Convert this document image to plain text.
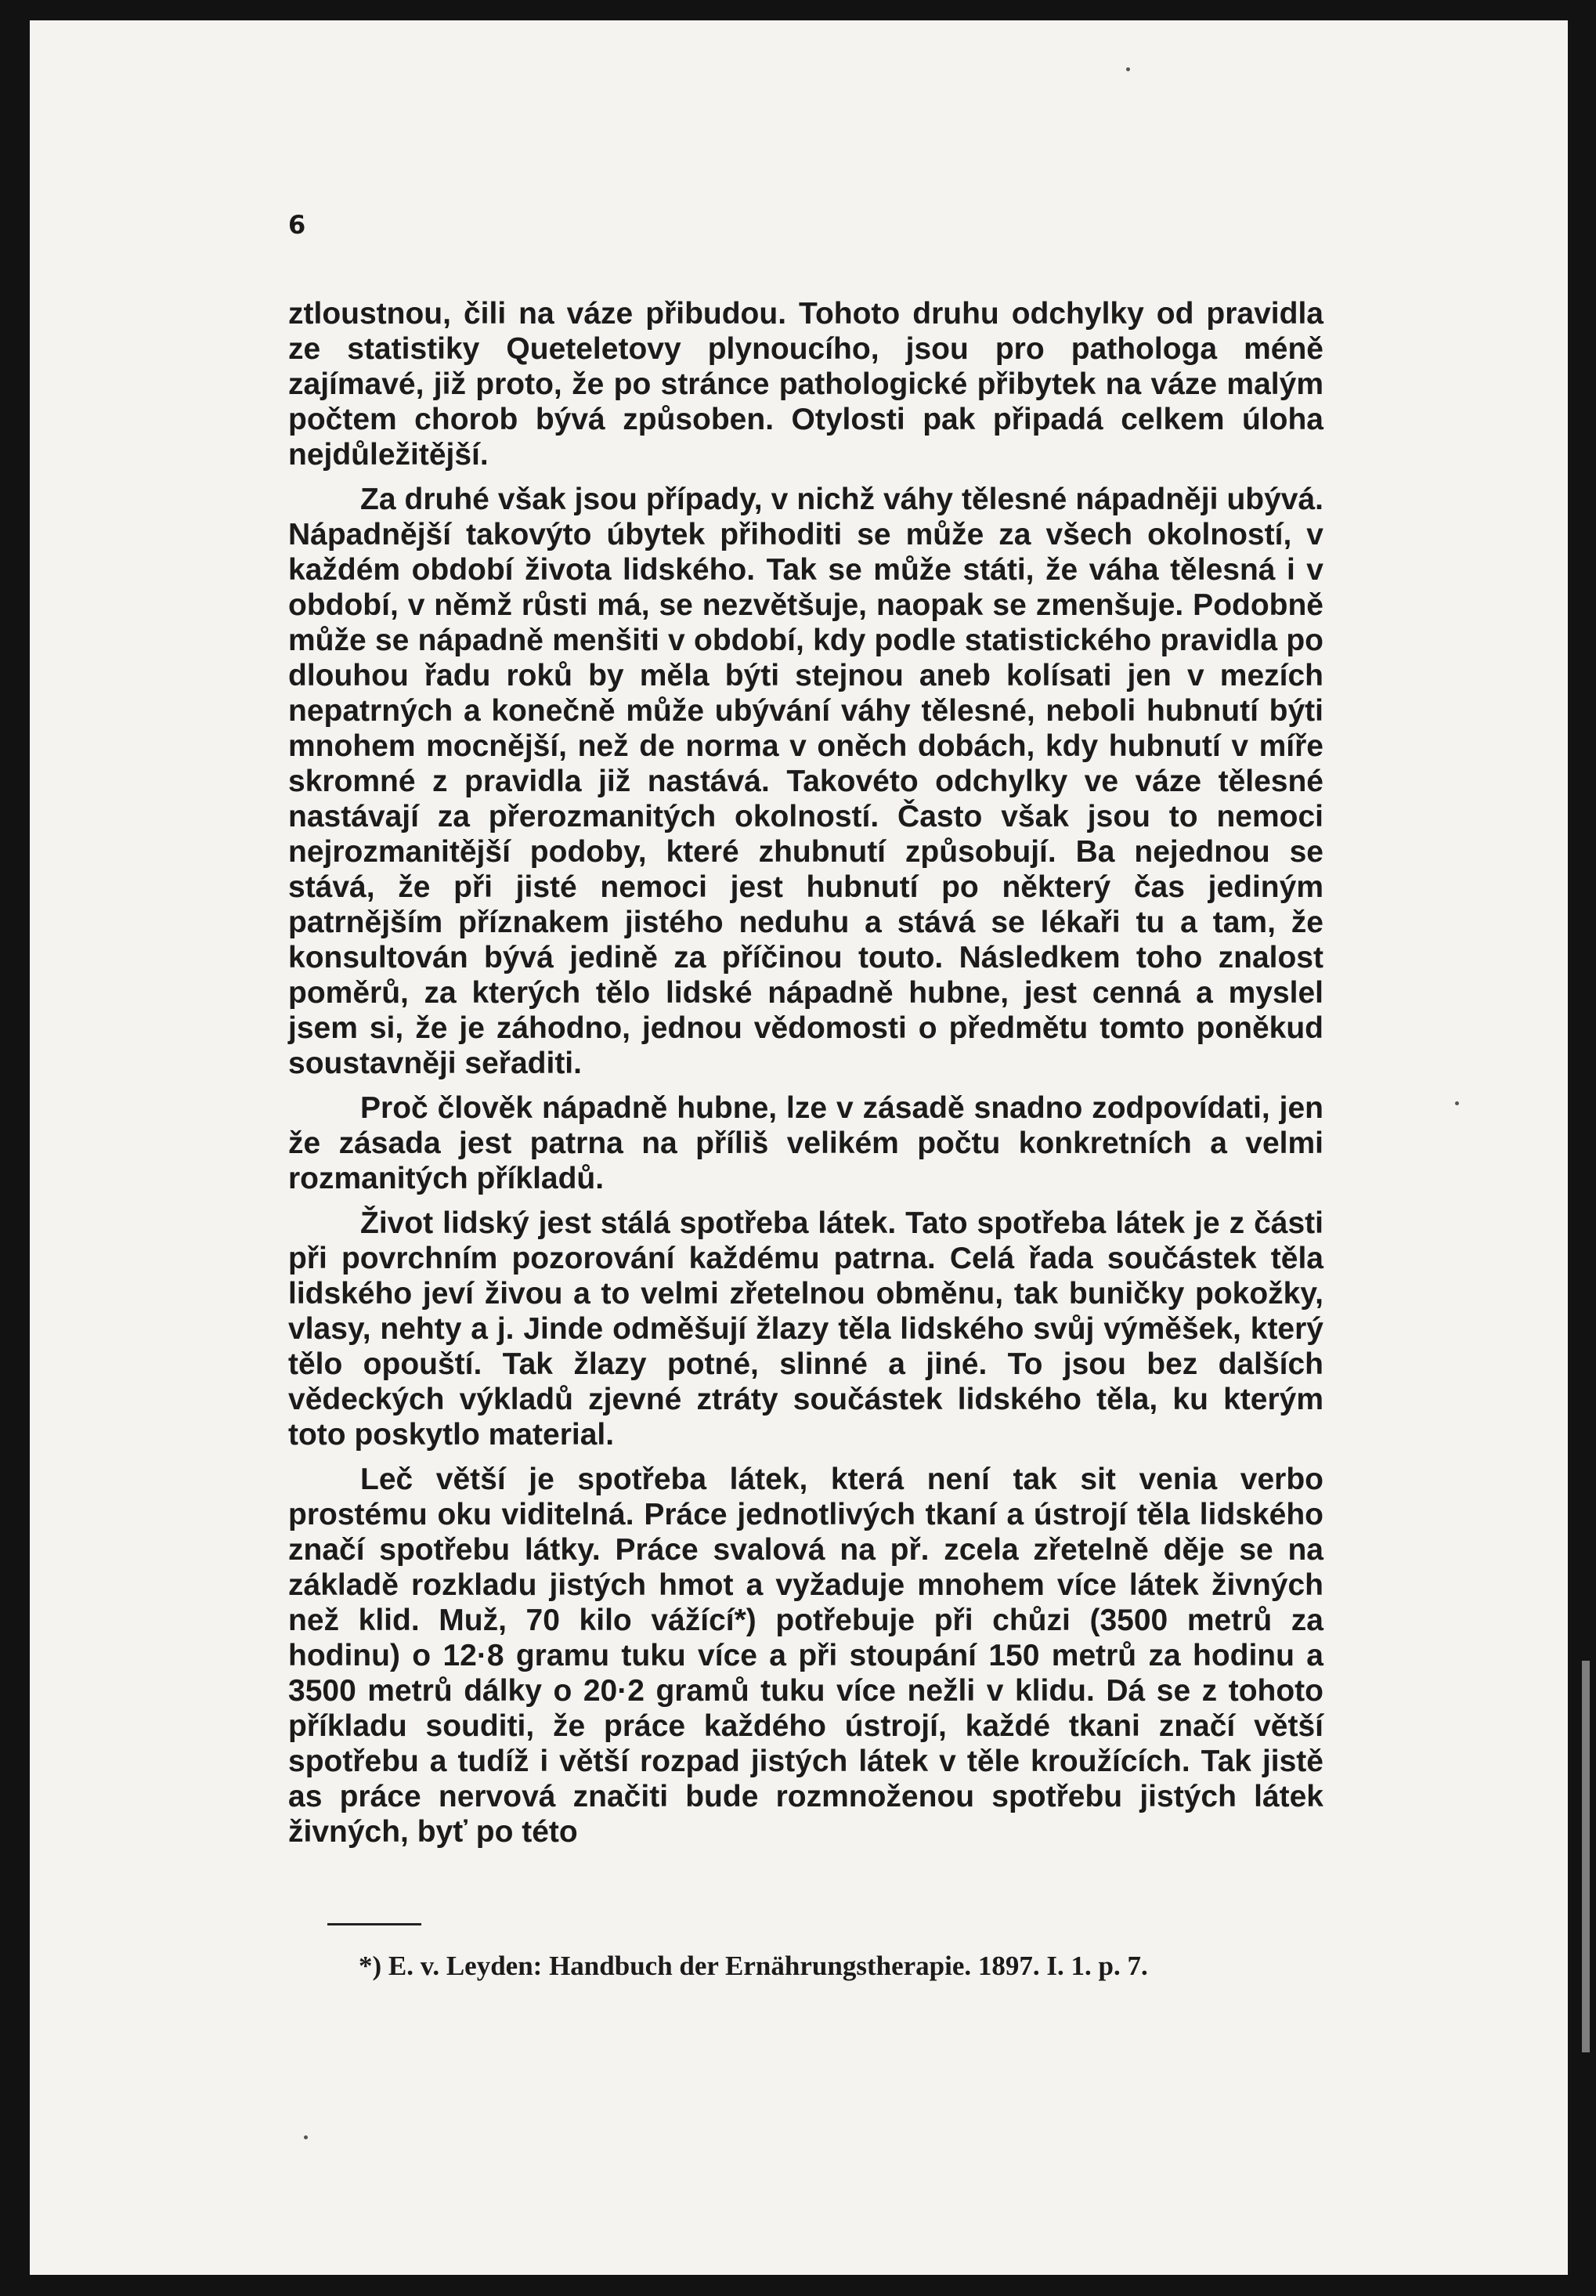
6

ztloustnou, čili na váze přibudou. Tohoto druhu odchylky od pravidla ze statistiky Queteletovy plynoucího, jsou pro pathologa méně zajímavé, již proto, že po stránce pathologické přibytek na váze malým počtem chorob bývá způsoben. Otylosti pak připadá celkem úloha nejdůležitější.

Za druhé však jsou případy, v nichž váhy tělesné nápadněji ubývá. Nápadnější takovýto úbytek přihoditi se může za všech okolností, v každém období života lidského. Tak se může státi, že váha tělesná i v období, v němž růsti má, se nezvětšuje, naopak se zmenšuje. Podobně může se nápadně menšiti v období, kdy podle statistického pravidla po dlouhou řadu roků by měla býti stejnou aneb kolísati jen v mezích nepatrných a konečně může ubývání váhy tělesné, neboli hubnutí býti mnohem mocnější, než de norma v oněch dobách, kdy hubnutí v míře skromné z pravidla již nastává. Takovéto odchylky ve váze tělesné nastávají za přerozmanitých okolností. Často však jsou to nemoci nejrozmanitější podoby, které zhubnutí způsobují. Ba nejednou se stává, že při jisté nemoci jest hubnutí po některý čas jediným patrnějším příznakem jistého neduhu a stává se lékaři tu a tam, že konsultován bývá jedině za příčinou touto. Následkem toho znalost poměrů, za kterých tělo lidské nápadně hubne, jest cenná a myslel jsem si, že je záhodno, jednou vědomosti o předmětu tomto poněkud soustavněji seřaditi.

Proč člověk nápadně hubne, lze v zásadě snadno zodpovídati, jen že zásada jest patrna na příliš velikém počtu konkretních a velmi rozmanitých příkladů.

Život lidský jest stálá spotřeba látek. Tato spotřeba látek je z části při povrchním pozorování každému patrna. Celá řada součástek těla lidského jeví živou a to velmi zřetelnou obměnu, tak buničky pokožky, vlasy, nehty a j. Jinde odměšují žlazy těla lidského svůj výměšek, který tělo opouští. Tak žlazy potné, slinné a jiné. To jsou bez dalších vědeckých výkladů zjevné ztráty součástek lidského těla, ku kterým toto poskytlo material.

Leč větší je spotřeba látek, která není tak sit venia verbo prostému oku viditelná. Práce jednotlivých tkaní a ústrojí těla lidského značí spotřebu látky. Práce svalová na př. zcela zřetelně děje se na základě rozkladu jistých hmot a vyžaduje mnohem více látek živných než klid. Muž, 70 kilo vážící*) potřebuje při chůzi (3500 metrů za hodinu) o 12·8 gramu tuku více a při stoupání 150 metrů za hodinu a 3500 metrů dálky o 20·2 gramů tuku více nežli v klidu. Dá se z tohoto příkladu souditi, že práce každého ústrojí, každé tkani značí větší spotřebu a tudíž i větší rozpad jistých látek v těle kroužících. Tak jistě as práce nervová značiti bude rozmnoženou spotřebu jistých látek živných, byť po této

*) E. v. Leyden: Handbuch der Ernährungstherapie. 1897. I. 1. p. 7.
